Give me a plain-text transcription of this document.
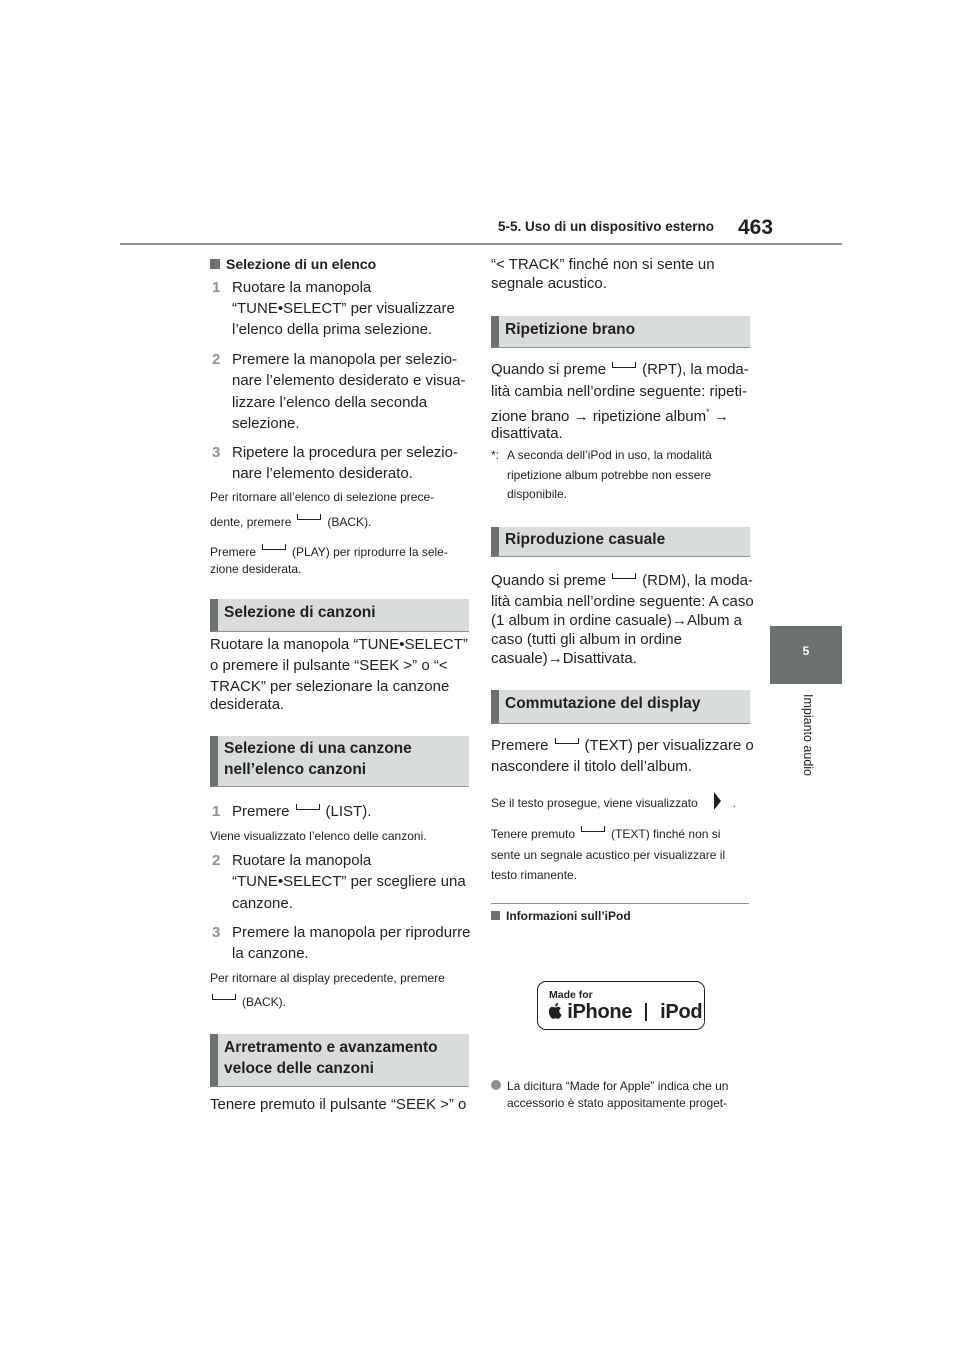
5-5. Uso di un dispositivo esterno 463
5
Impianto audio
Selezione di un elenco
1 Ruotare la manopola
“TUNE•SELECT” per visualizzare
l’elenco della prima selezione.
2 Premere la manopola per selezio-
nare l’elemento desiderato e visua-
lizzare l’elenco della seconda
selezione.
3 Ripetere la procedura per selezio-
nare l’elemento desiderato.
Per ritornare all’elenco di selezione prece-
dente, premere	(BACK).
Premere	(PLAY) per riprodurre la sele-
zione desiderata.
Selezione di canzoni
Ruotare la manopola “TUNE•SELECT”
o premere il pulsante “SEEK >” o “<
TRACK” per selezionare la canzone
desiderata.
Selezione di una canzone
nell’elenco canzoni
1 Premere (LIST).
Viene visualizzato l’elenco delle canzoni.
2 Ruotare la manopola
“TUNE•SELECT” per scegliere una
canzone.
3 Premere la manopola per riprodurre
la canzone.
Per ritornare al display precedente, premere
(BACK).
Arretramento e avanzamento
veloce delle canzoni
Tenere premuto il pulsante “SEEK >” o
“< TRACK” finché non si sente un
segnale acustico.
Ripetizione brano
Quando si preme (RPT), la moda-
lità cambia nell’ordine seguente: ripeti-
zione brano → ripetizione album* →
disattivata.
*: A seconda dell’iPod in uso, la modalità
ripetizione album potrebbe non essere
disponibile.
Riproduzione casuale
Quando si preme (RDM), la moda-
lità cambia nell’ordine seguente: A caso
(1 album in ordine casuale)→Album a
caso (tutti gli album in ordine
casuale)→Disattivata.
Commutazione del display
Premere (TEXT) per visualizzare o
nascondere il titolo dell’album.
Se il testo prosegue, viene visualizzato	.
Tenere premuto	(TEXT) finché non si
sente un segnale acustico per visualizzare il
testo rimanente.
Informazioni sull’iPod
Made for
iPhone iPod
La dicitura “Made for Apple” indica che un
accessorio è stato appositamente proget-
